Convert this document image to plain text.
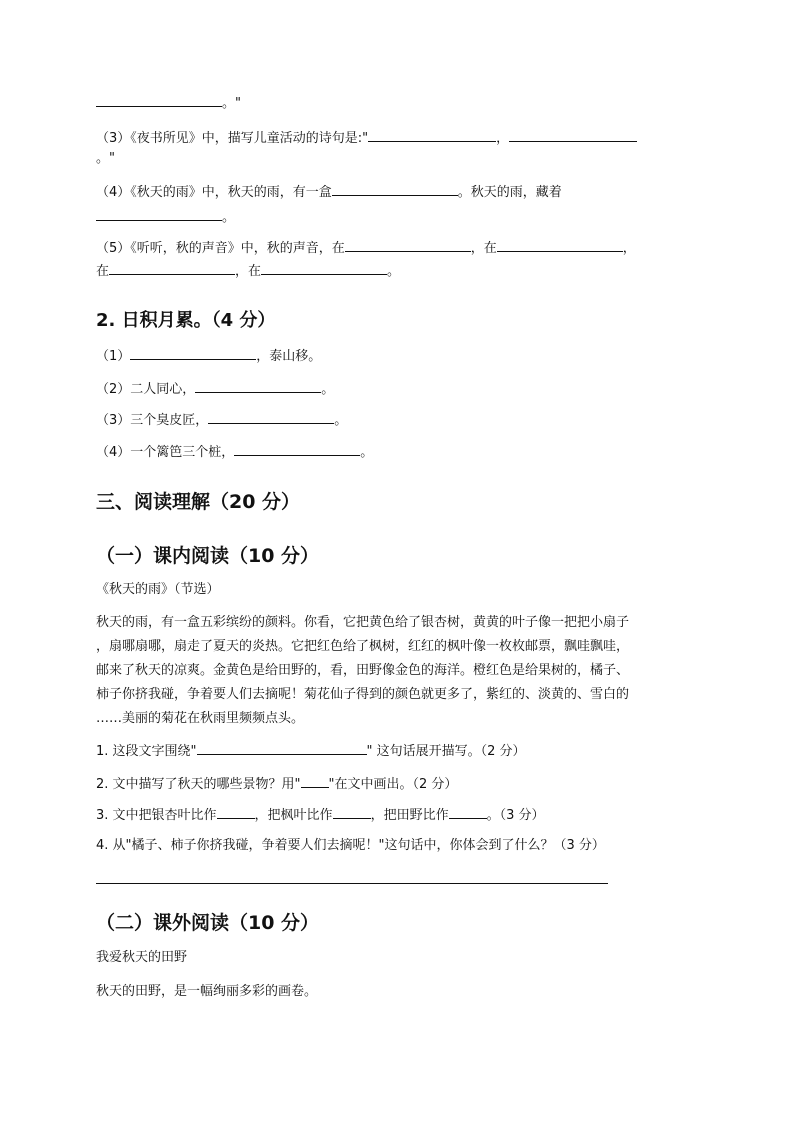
。"
（3）《夜书所见》中，描写儿童活动的诗句是:"	，
。"
（4）《秋天的雨》中，秋天的雨，有一盒	。秋天的雨，藏着
。
（5）《听听，秋的声音》中，秋的声音，在	，在	，
在	，在	。
2. 日积月累。（4 分）
（1）	，泰山移。
（2）二人同心，	。
（3）三个臭皮匠，	。
（4）一个篱笆三个桩，	。
三、阅读理解（20 分）
（一）课内阅读（10 分）
《秋天的雨》（节选）
秋天的雨，有一盒五彩缤纷的颜料。你看，它把黄色给了银杏树，黄黄的叶子像一把把小扇子
，扇哪扇哪，扇走了夏天的炎热。它把红色给了枫树，红红的枫叶像一枚枚邮票，飘哇飘哇，
邮来了秋天的凉爽。金黄色是给田野的，看，田野像金色的海洋。橙红色是给果树的，橘子、
柿子你挤我碰，争着要人们去摘呢！菊花仙子得到的颜色就更多了，紫红的、淡黄的、雪白的
……美丽的菊花在秋雨里频频点头。
1. 这段文字围绕"	" 这句话展开描写。（2 分）
2. 文中描写了秋天的哪些景物？用" "在文中画出。（2 分）
3. 文中把银杏叶比作	，把枫叶比作	，把田野比作	。（3 分）
4. 从"橘子、柿子你挤我碰，争着要人们去摘呢！"这句话中，你体会到了什么？（3 分）
（二）课外阅读（10 分）
我爱秋天的田野
秋天的田野，是一幅绚丽多彩的画卷。
